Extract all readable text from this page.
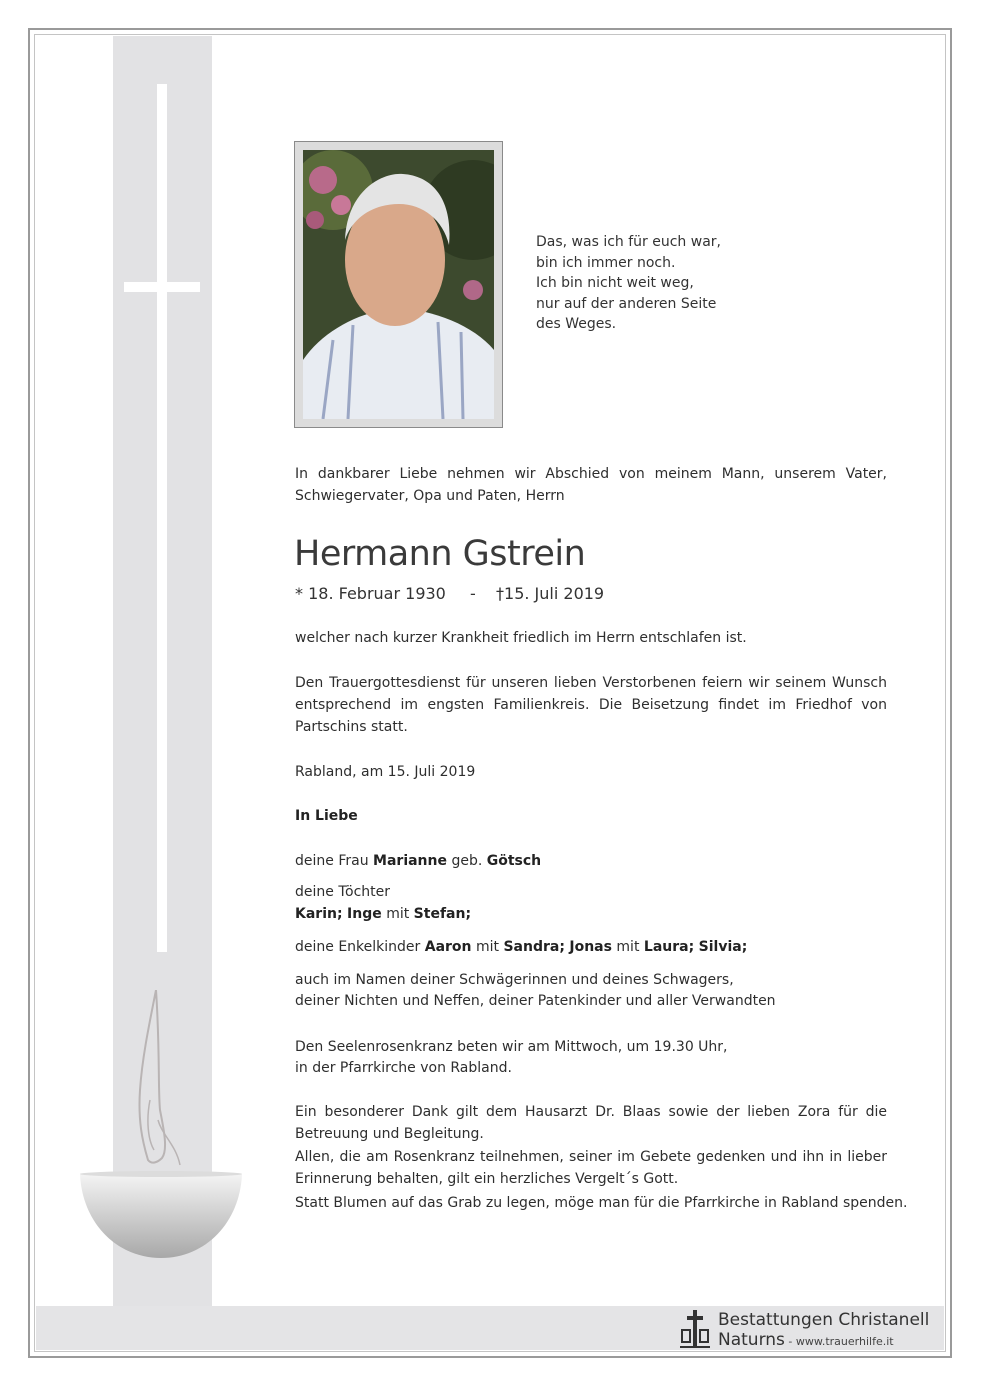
Das, was ich für euch war,
bin ich immer noch.
Ich bin nicht weit weg,
nur auf der anderen Seite
des Weges.
In dankbarer Liebe nehmen wir Abschied von meinem Mann, unserem Vater, Schwiegervater, Opa und Paten, Herrn
Hermann Gstrein
* 18. Februar 1930 - †15. Juli 2019
welcher nach kurzer Krankheit friedlich im Herrn entschlafen ist.
Den Trauergottesdienst für unseren lieben Verstorbenen feiern wir seinem Wunsch entsprechend im engsten Familienkreis. Die Beisetzung findet im Friedhof von Partschins statt.
Rabland, am 15. Juli 2019
In Liebe
deine Frau Marianne geb. Götsch
deine Töchter
Karin; Inge mit Stefan;
deine Enkelkinder Aaron mit Sandra; Jonas mit Laura; Silvia;
auch im Namen deiner Schwägerinnen und deines Schwagers,
deiner Nichten und Neffen, deiner Patenkinder und aller Verwandten
Den Seelenrosenkranz beten wir am Mittwoch, um 19.30 Uhr,
in der Pfarrkirche von Rabland.
Ein besonderer Dank gilt dem Hausarzt Dr. Blaas sowie der lieben Zora für die Betreuung und Begleitung.
Allen, die am Rosenkranz teilnehmen, seiner im Gebete gedenken und ihn in lieber Erinnerung behalten, gilt ein herzliches Vergelt´s Gott.
Statt Blumen auf das Grab zu legen, möge man für die Pfarrkirche in Rabland spenden.
Bestattungen Christanell
Naturns - www.trauerhilfe.it
